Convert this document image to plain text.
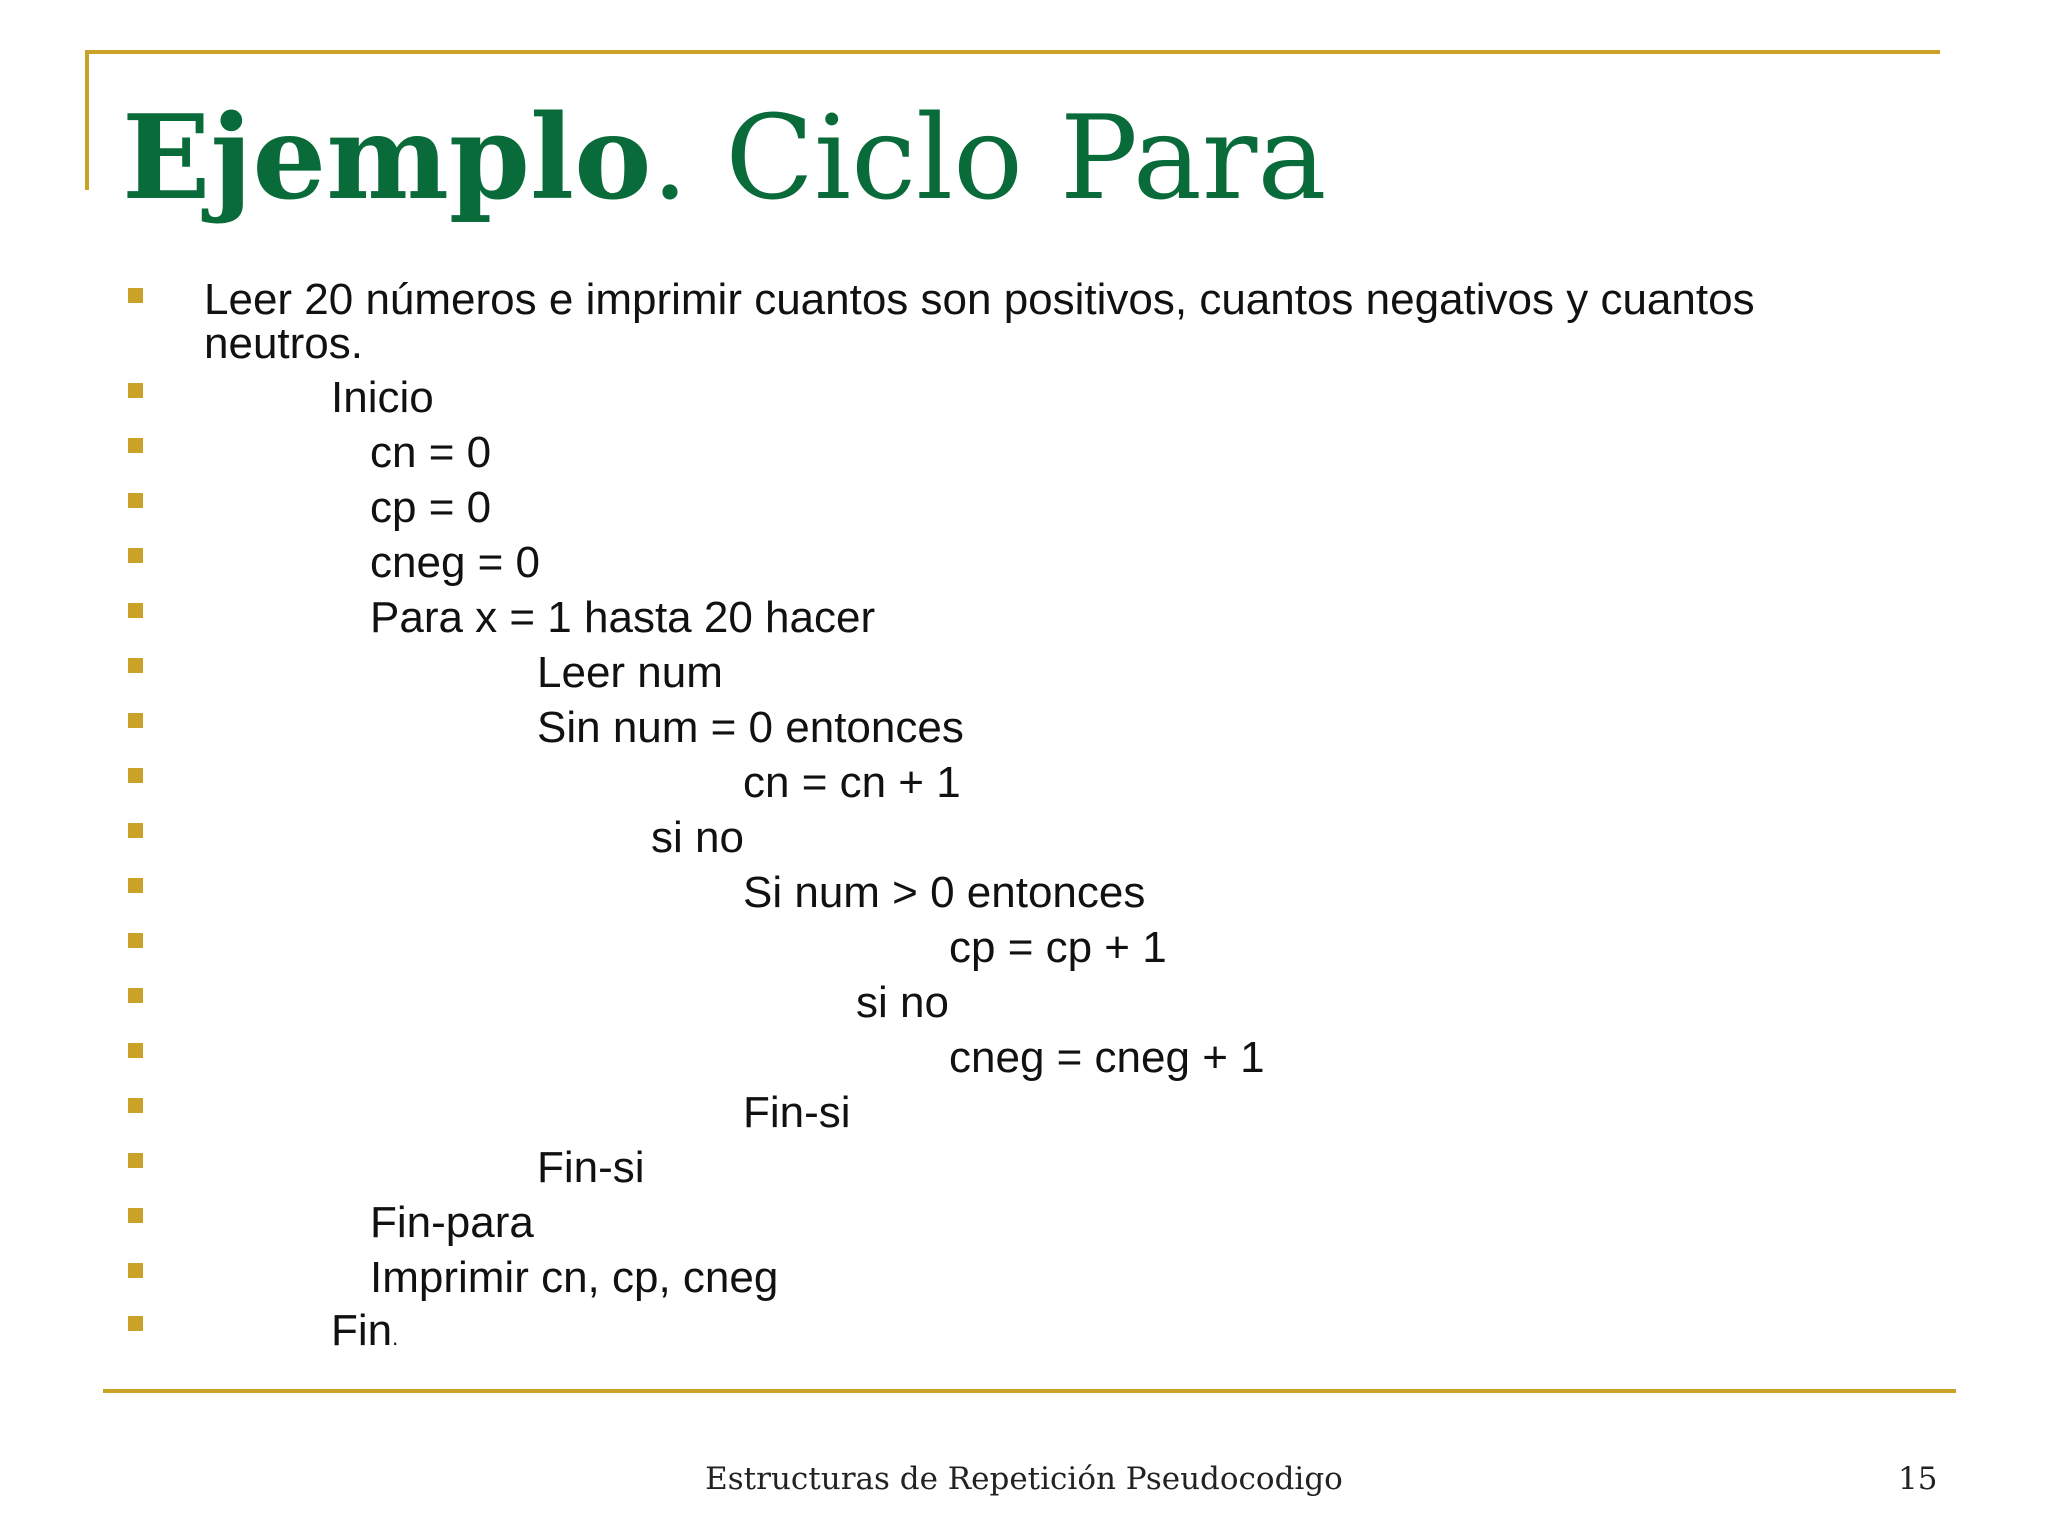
Ejemplo. Ciclo Para
Leer 20 números e imprimir cuantos son positivos, cuantos negativos y cuantos neutros.
Inicio
cn = 0
cp = 0
cneg = 0
Para x = 1 hasta 20 hacer
Leer num
Sin num = 0 entonces
cn = cn + 1
si no
Si num > 0 entonces
cp = cp + 1
si no
cneg = cneg + 1
Fin-si
Fin-si
Fin-para
Imprimir cn, cp, cneg
Fin.
Estructuras de Repetición Pseudocodigo	15
